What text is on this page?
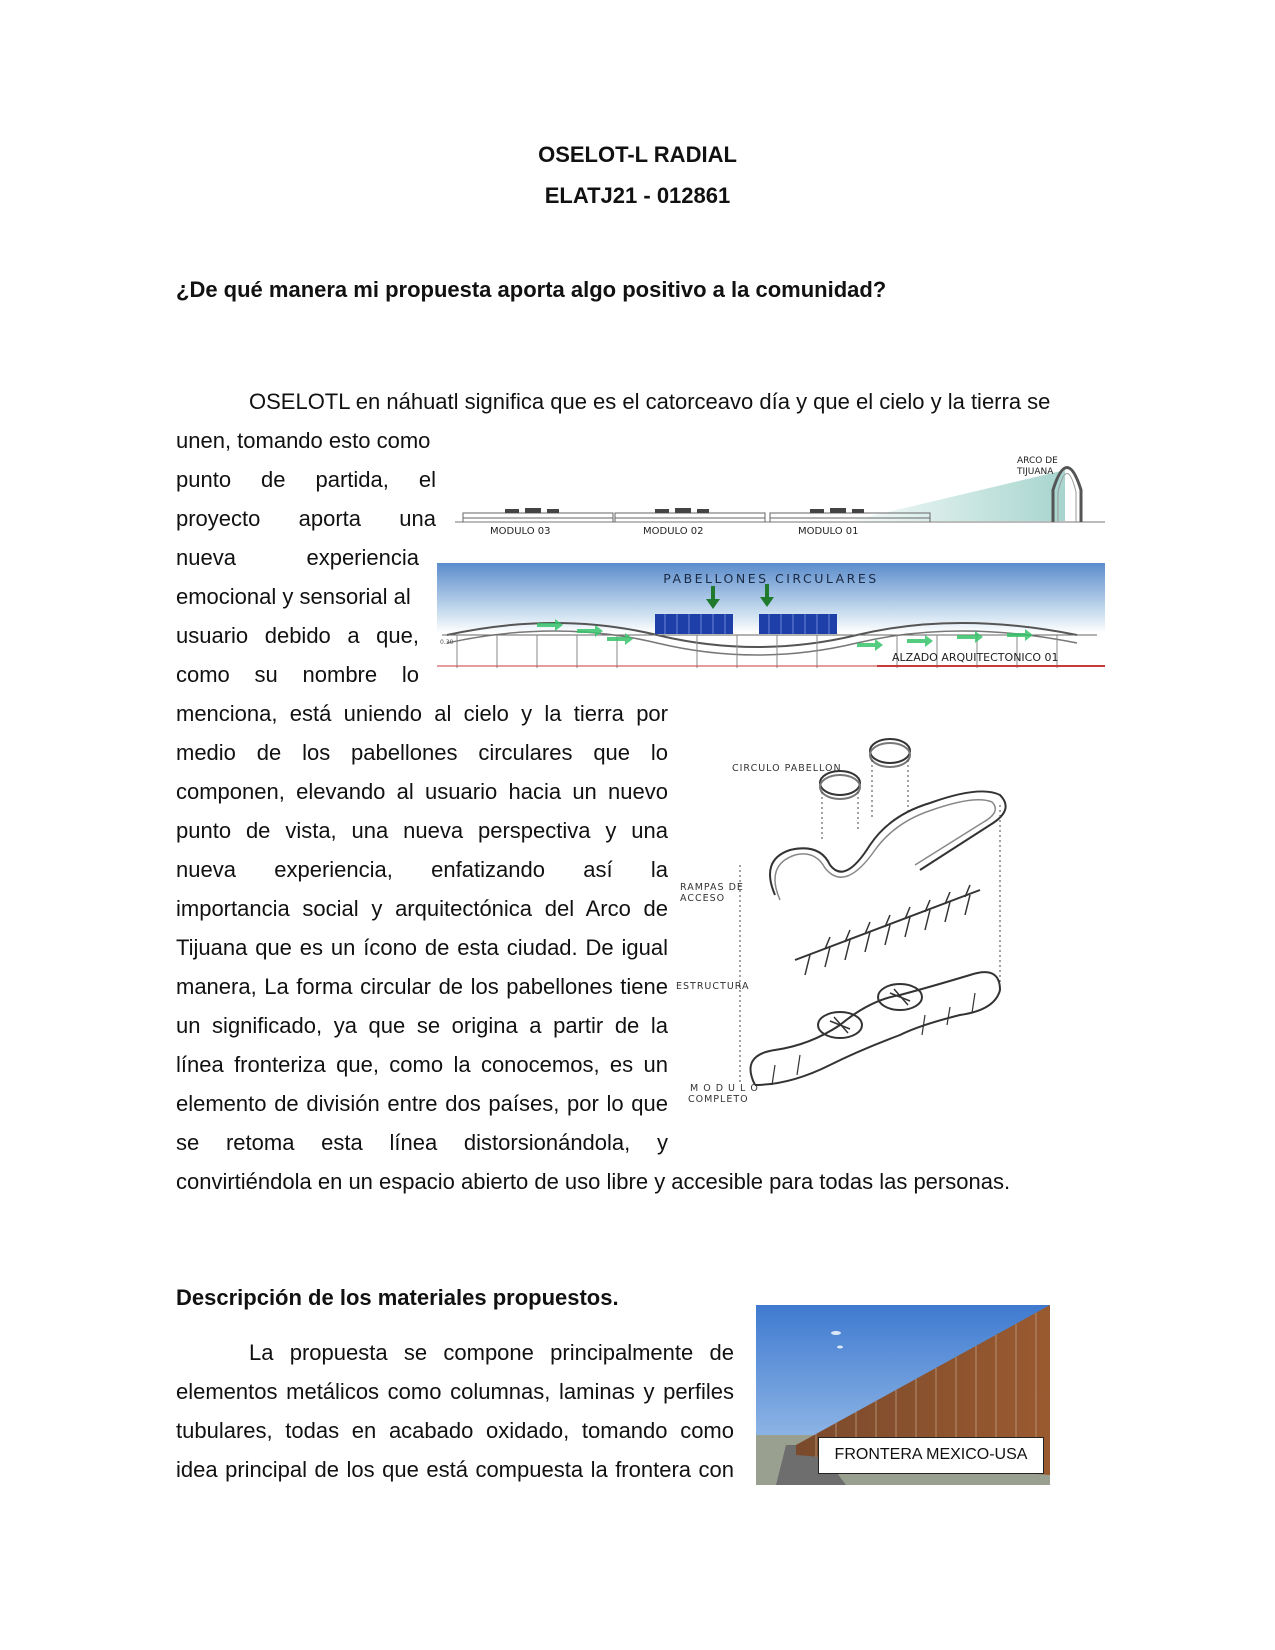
OSELOT-L RADIAL
ELATJ21 - 012861
¿De qué manera mi propuesta aporta algo positivo a la comunidad?
OSELOTL en náhuatl significa que es el catorceavo día y que el cielo y la tierra se
unen, tomando esto como
punto de partida, el
proyecto aporta una
nueva experiencia
emocional y sensorial al
usuario debido a que,
como su nombre lo
menciona, está uniendo al cielo y la tierra por
medio de los pabellones circulares que lo
componen, elevando al usuario hacia un nuevo
punto de vista, una nueva perspectiva y una
nueva experiencia, enfatizando así la
importancia social y arquitectónica del Arco de
Tijuana que es un ícono de esta ciudad. De igual
manera, La forma circular de los pabellones tiene
un significado, ya que se origina a partir de la
línea fronteriza que, como la conocemos, es un
elemento de división entre dos países, por lo que
se retoma esta línea distorsionándola, y
convirtiéndola en un espacio abierto de uso libre y accesible para todas las personas.
Descripción de los materiales propuestos.
La propuesta se compone principalmente de
elementos metálicos como columnas, laminas y perfiles
tubulares, todas en acabado oxidado, tomando como
idea principal de los que está compuesta la frontera con
MODULO 03	MODULO 02	MODULO 01
ARCO DE
TIJUANA
PABELLONES CIRCULARES
ALZADO ARQUITECTONICO 01
0.30
CIRCULO PABELLON
RAMPAS DE
ACCESO
ESTRUCTURA
M O D U L O
COMPLETO
FRONTERA MEXICO-USA
